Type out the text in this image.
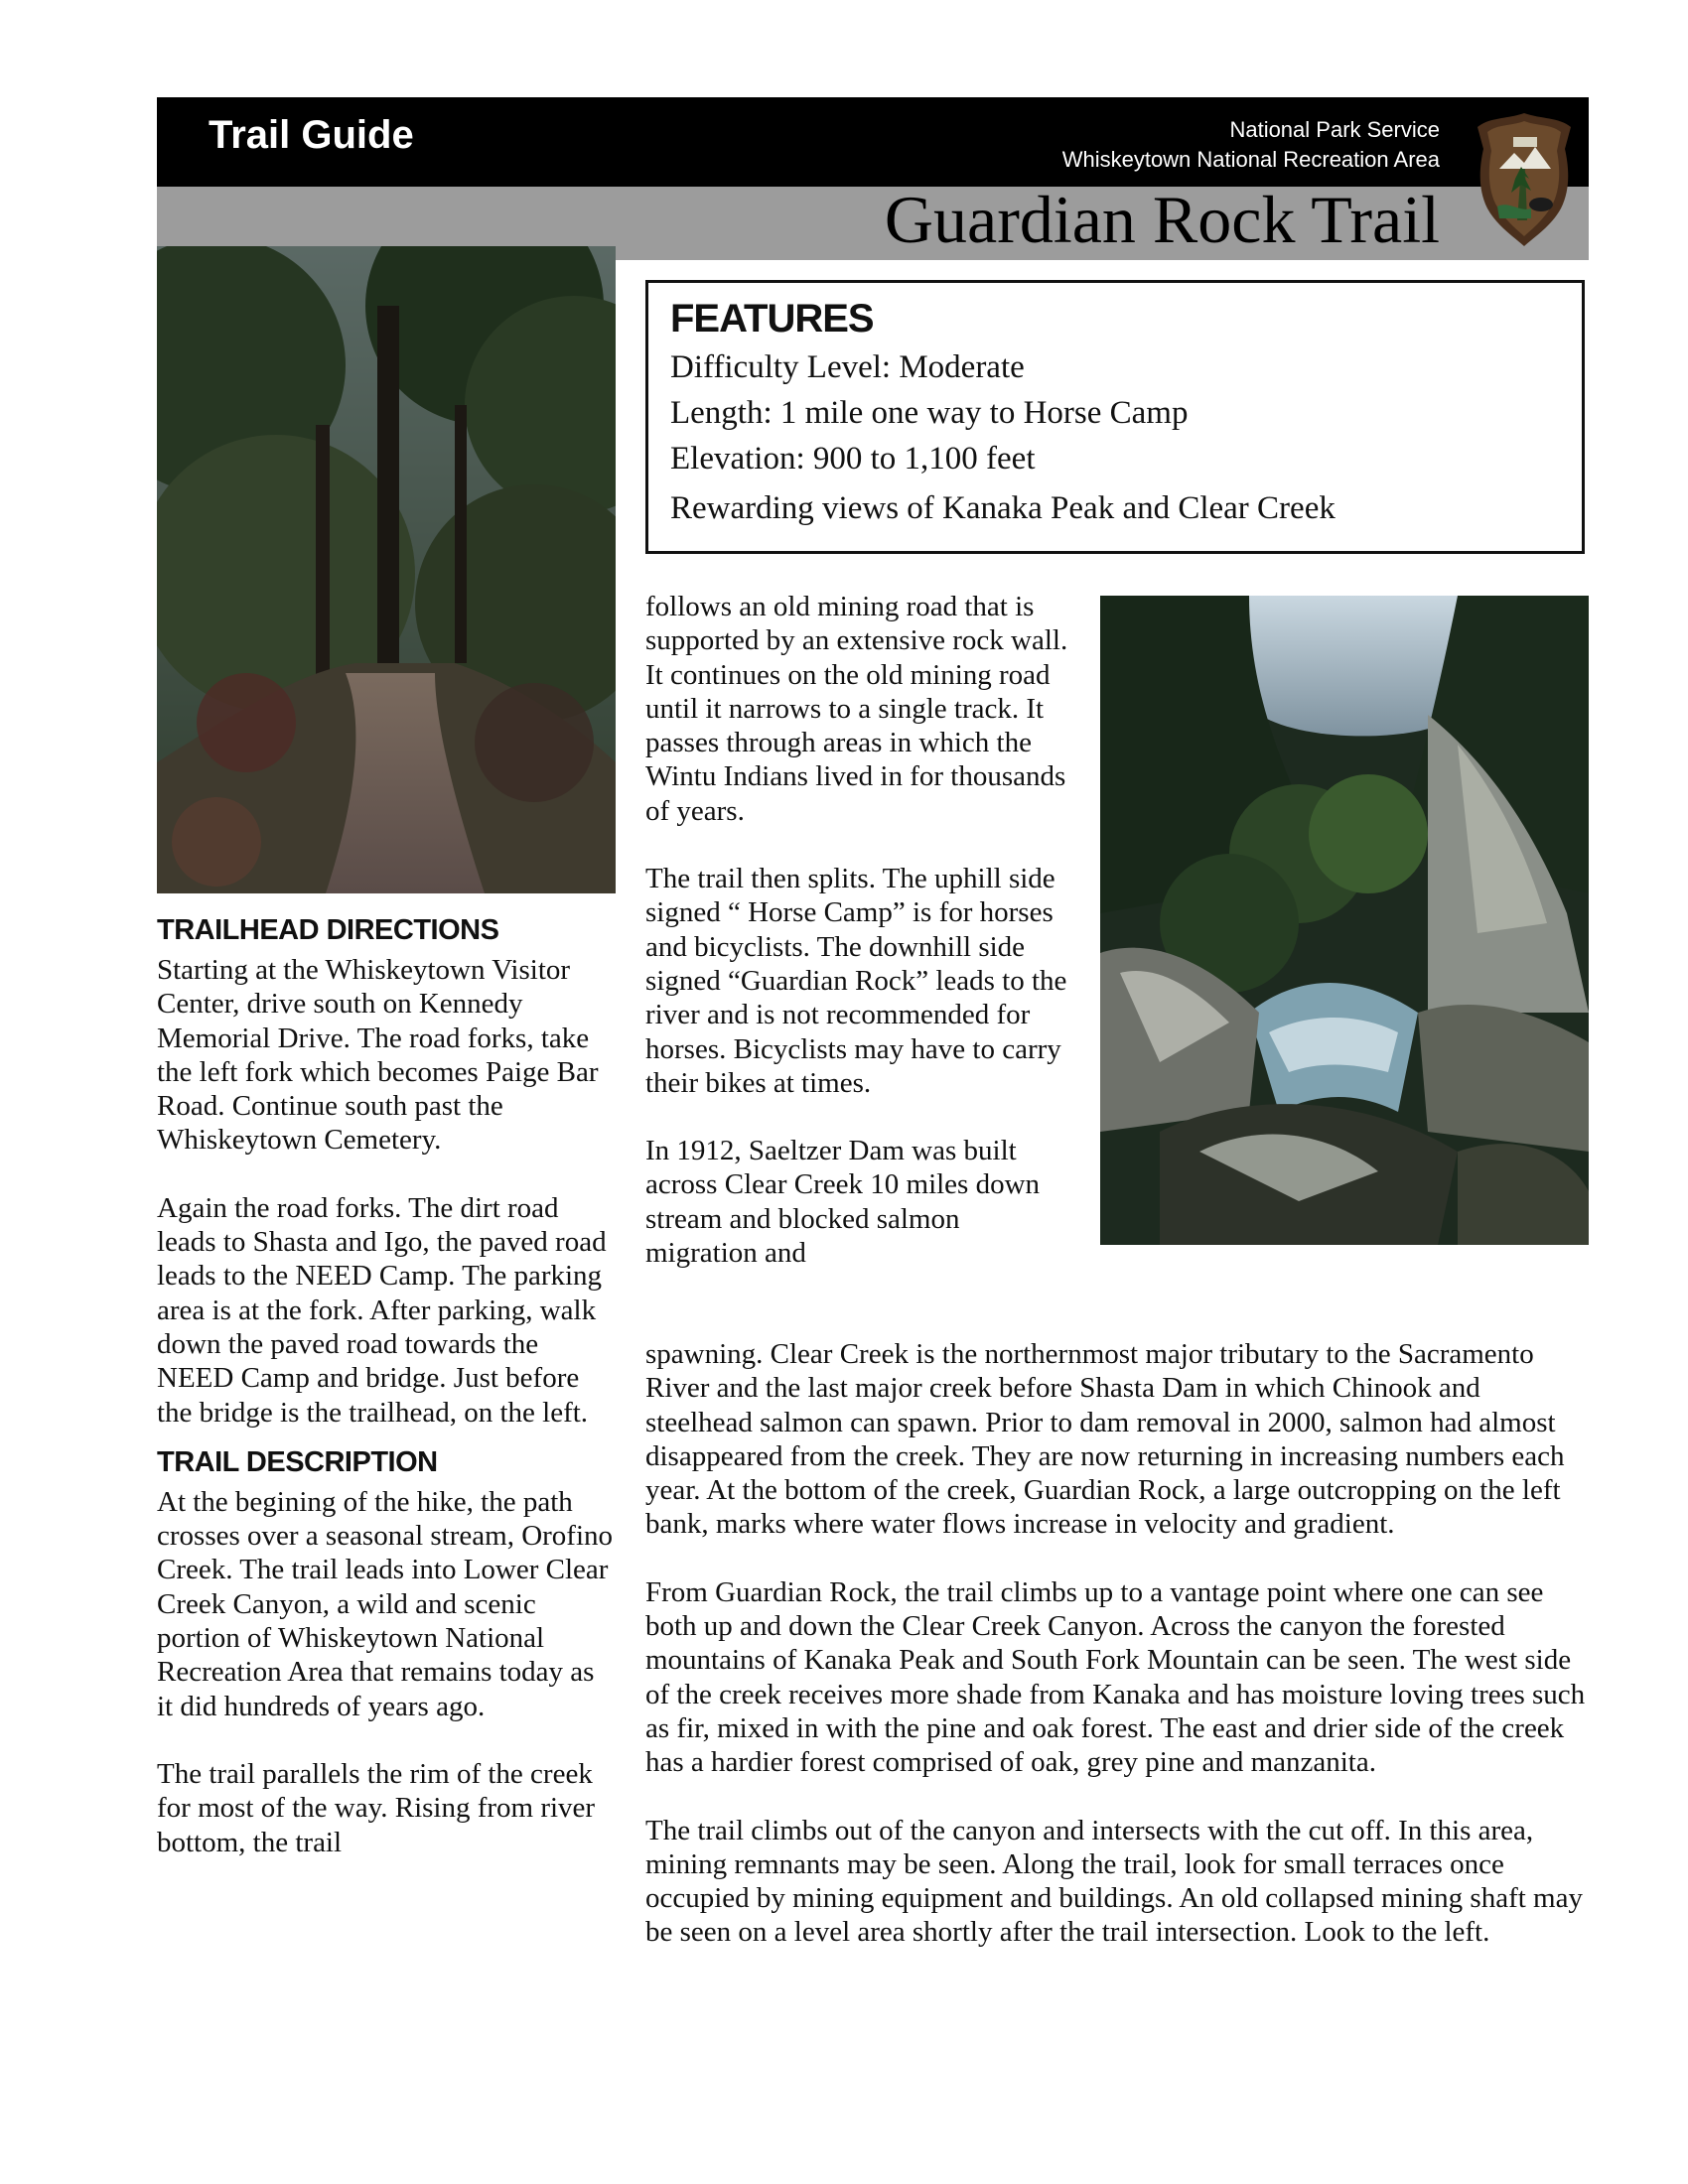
Trail Guide	National Park Service
Whiskeytown National Recreation Area
Guardian Rock Trail
FEATURES
Difficulty Level: Moderate
Length: 1 mile one way to Horse Camp
Elevation: 900 to 1,100 feet
Rewarding views of Kanaka Peak and Clear Creek
TRAILHEAD DIRECTIONS

Starting at the Whiskeytown Visitor Center, drive south on Kennedy Memorial Drive. The road forks, take the left fork which becomes Paige Bar Road. Continue south past the Whiskeytown Cemetery.

Again the road forks. The dirt road leads to Shasta and Igo, the paved road leads to the NEED Camp. The parking area is at the fork. After parking, walk down the paved road towards the NEED Camp and bridge. Just before the bridge is the trailhead, on the left.

TRAIL DESCRIPTION

At the begining of the hike, the path crosses over a seasonal stream, Orofino Creek. The trail leads into Lower Clear Creek Canyon, a wild and scenic portion of Whiskeytown National Recreation Area that remains today as it did hundreds of years ago.

The trail parallels the rim of the creek for most of the way. Rising from river bottom, the trail

follows an old mining road that is supported by an extensive rock wall. It continues on the old mining road until it narrows to a single track. It passes through areas in which the Wintu Indians lived in for thousands of years.

The trail then splits. The uphill side signed “ Horse Camp” is for horses and bicyclists. The downhill side signed “Guardian Rock” leads to the river and is not recommended for horses. Bicyclists may have to carry their bikes at times.

In 1912, Saeltzer Dam was built across Clear Creek 10 miles down stream and blocked salmon migration and

spawning. Clear Creek is the northernmost major tributary to the Sacramento River and the last major creek before Shasta Dam in which Chinook and steelhead salmon can spawn. Prior to dam removal in 2000, salmon had almost disappeared from the creek. They are now returning in increasing numbers each year. At the bottom of the creek, Guardian Rock, a large outcropping on the left bank, marks where water flows increase in velocity and gradient.

From Guardian Rock, the trail climbs up to a vantage point where one can see both up and down the Clear Creek Canyon. Across the canyon the forested mountains of Kanaka Peak and South Fork Mountain can be seen. The west side of the creek receives more shade from Kanaka and has moisture loving trees such as fir, mixed in with the pine and oak forest. The east and drier side of the creek has a hardier forest comprised of oak, grey pine and manzanita.

The trail climbs out of the canyon and intersects with the cut off. In this area, mining remnants may be seen. Along the trail, look for small terraces once occupied by mining equipment and buildings. An old collapsed mining shaft may be seen on a level area shortly after the trail intersection. Look to the left.
